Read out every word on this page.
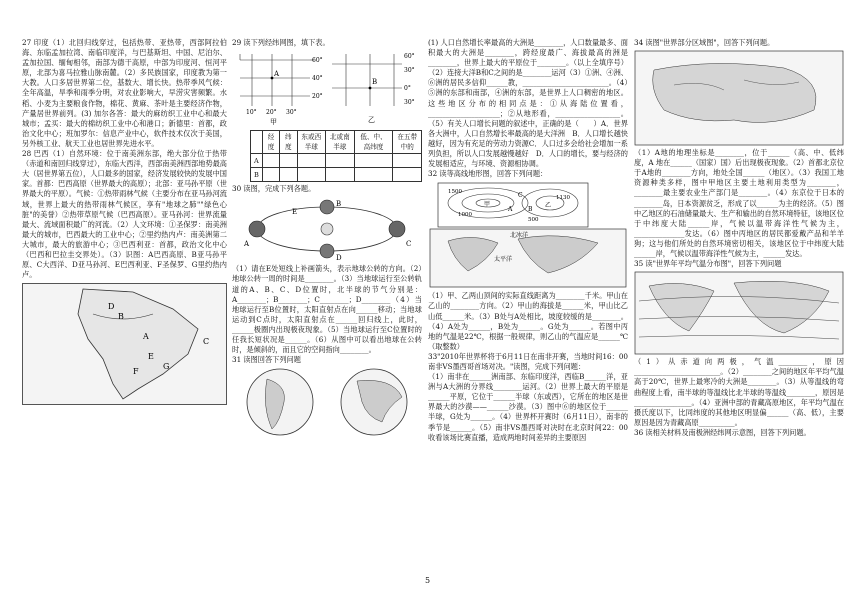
27 印度（1）北回归线穿过，包括热带、亚热带，西部阿拉伯海、东临孟加拉湾、南临印度洋，与巴基斯坦、中国、尼泊尔、孟加拉国、缅甸相邻，南部为德干高原，中部为印度河、恒河平原，北部为喜马拉雅山脉南麓。（2）多民族国家，印度教为第一大教。人口多居世界第二位，基数大、增长快。热带季风气候：全年高温，旱季和雨季分明，对农业影响大，早涝灾害频繁。水稻、小麦为主要粮食作物，棉花、黄麻、茶叶是主要经济作物，产量居世界前列。(3) 加尔各答：最大的麻纺织工业中心和最大城市；孟买：最大的棉纺织工业中心和港口；新德里：首都，政治文化中心；班加罗尔：信息产业中心，软件技术仅次于美国，另外核工业、航天工业也居世界先进水平。

28 巴西（1）自然环境：位于南美洲东部，绝大部分位于热带（赤道和南回归线穿过），东临大西洋，西部南美洲西部地势最高大（居世界第五位），人口最多的国家，经济发展较快的发展中国家。首都：巴西高原（世界最大的高原）；北部：亚马孙平原（世界最大的平原）。气候：①热带雨林气候（主要分布在亚马孙河流域，世界上最大的热带雨林气候区，享有"地球之肺""绿色心脏"的美誉）②热带草原气候（巴西高原）。亚马孙河：世界流量最大、流域面积最广的河流。（2）人文环境：①圣保罗：南美洲最大的城市，巴西最大的工业中心；②里约热内卢：南美洲第二大城市，最大的旅游中心；③巴西利亚：首都，政治文化中心（巴西和巴拉圭交界处）。（3）识图：A巴西高原、B亚马孙平原、C大西洋、D亚马孙河、E巴西利亚、F圣保罗、G里约热内卢。

A
B
C
D
E
F
G

29 读下列经纬网图，填下表。

60°
40°
20°
10° 20° 30°
A
甲
60°
30°
0°
30°
B
乙
	经度	纬度	东或西半球	北或南半球	低、中、高纬度	在五带中的
A						
B						

30 读图，完成下列各题。

A
B
C
D
E

（1）请在E处短线上补画箭头，表示地球公转的方向。（2）地球公转一周的时间是________。（3）当地球运行至公转轨道的A、B、C、D位置时，北半球的节气分别是：A________；B________；C________；D________（4）当地球运行至B位置时，太阳直射点在向______移动；当地球运动到C点时，太阳直射点在______回归线上，此时，______极圈内出现极夜现象。（5）当地球运行至C位置时的任我长短状况是______。（6）从图中可以看出地球在公转时，是倾斜的，而且它的空间指向________。

31 读图回答下列问题

(1) 人口自然增长率最高的大洲是________，人口数量最多、面积最大的大洲是________，跨经度最广、海拔最高的洲是________，世界上最大的平原位于________。（以上全填序号）（2）连接大洋B和C之间的是________运河（3）①洲、④洲、⑥洲的居民多信仰______教，________________________。（4）⑤洲的东部和南部，④洲的东部，是世界上人口稠密的地区。这些地区分布的相同点是：①从海陆位置看，____________________；②从地形看，__________________。（5）有关人口增长问题的叙述中，正确的是（　　）A．世界各大洲中，人口自然增长率最高的是大洋洲　B．人口增长越快越好，因为有充足的劳动力资源C．人口过多会给社会增加一系列负担，所以人口发展越慢越好　D．人口的增长，要与经济的发展相适应，与环境、资源相协调。

32 读等高线地形图，回答下列问题：

1500
1000
500
1130
乙
甲
C
A	B
北冰洋
太平洋

（1）甲、乙两山顶间的实际直线距离为________千米。甲山在乙山的________方向。（2）甲山的海拔是______米，甲山比乙山低______米。（3）B处与A处相比，坡度较缓的是________。（4）A处为______，B处为______。G处为______。若图中丙地的气温是22℃，根据一般规律，则乙山的气温应是______℃（取整数）

33"2010年世界杯将于6月11日在南非开赛，当地时间16：00南非VS墨西哥首场对决。"读图，完成下列问题：

（1）南非在______洲南部、东临印度洋，西临B______洋，亚洲与A大洲的分界线________运河。（2）世界上最大的平原是______平原，它位于______半球（东或西），它所在的地区是世界最大的沙漠——______沙漠。（3）图中⑥的地区位于______半球，G处为______。（4）世界杯开赛时（6月11日），南非的季节是______。（5）南非VS墨西哥对决时在北京时间22：00收看该场比赛直播，造成两地时间差异的主要原因

34 读图"世界部分区域图"，回答下列问题。

（1）A地的地理坐标是________，位于______（高、中、低纬度，A 地在______（国家）国）后出现极夜现象。（2）首都北京位于A地的________方向，地处全国______（地区）。（3）我国工地资源种类多样，图中甲地区主要土地利用类型为________，________最主要农业生产部门是________。（4）东京位于日本的________岛，日本资源贫乏，形成了以______为主的经济。（5）图中乙地区的石油储量最大、生产和输出的自然环境特征，该地区位于中纬度大陆______岸，气候以温带海洋性气候为主，______________发达。（6）图中丙地区的居民都爱戴产品和羊羊狗；这与他们所处的自然环境密切相关，该地区位于中纬度大陆______岸，气候以温带海洋性气候为主，______发达。

35 读"世界年平均气温分布图"，回答下列问题

（1）从赤道向两极，气温________，原因________________________。（2）________之间的地区年平均气温高于20℃，世界上最寒冷的大洲是________。（3）从等温线的弯曲程度上看，南半球的等温线比北半球的等温线________，原因是________________。（4）亚洲中部的青藏高原地区，年平均气温在摄氏度以下，比同纬度的其他地区明显偏______（高、低），主要原因是因为青藏高原__________。

36 读相关材料及南极洲经纬网示意图，回答下列问题。

5
